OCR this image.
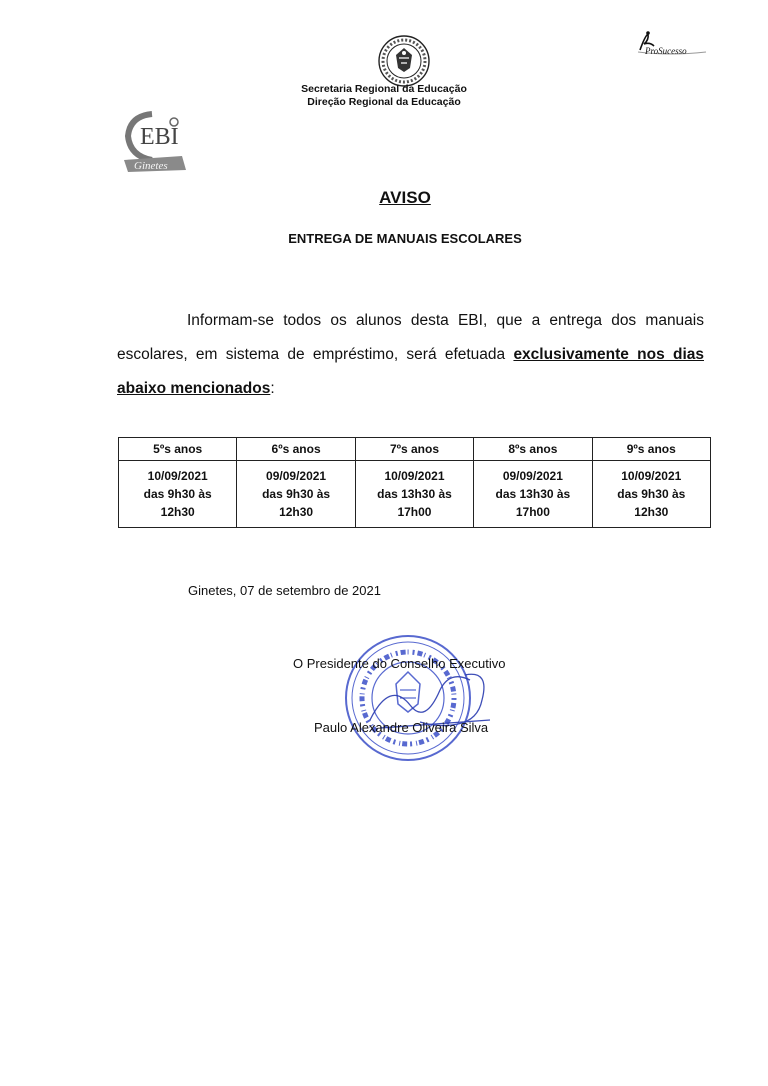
ProSucesso
Secretaria Regional da Educação
Direção Regional da Educação
EBI
Ginetes
AVISO
ENTREGA DE MANUAIS ESCOLARES
Informam-se todos os alunos desta EBI, que a entrega dos manuais escolares, em sistema de empréstimo, será efetuada exclusivamente nos dias abaixo mencionados:
5ºs anos	6ºs anos	7ºs anos	8ºs anos	9ºs anos
10/09/2021
das 9h30 às
12h30	09/09/2021
das 9h30 às
12h30	10/09/2021
das 13h30 às
17h00	09/09/2021
das 13h30 às
17h00	10/09/2021
das 9h30 às
12h30
Ginetes, 07 de setembro de 2021
O Presidente do Conselho Executivo
Paulo Alexandre Oliveira Silva
